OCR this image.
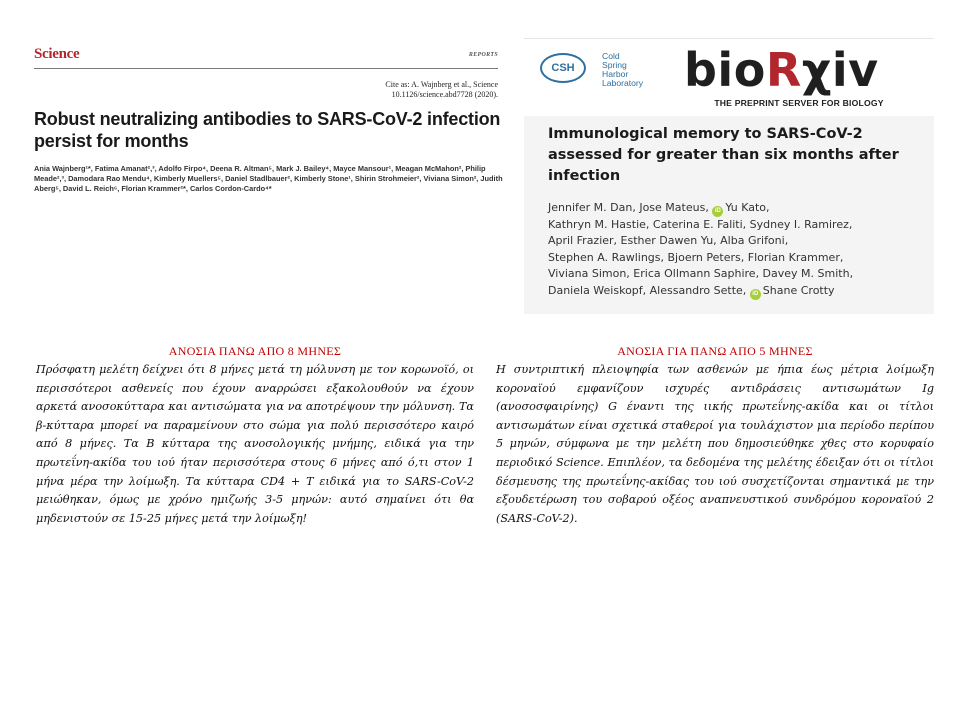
Science	REPORTS
Cite as: A. Wajnberg et al., Science
10.1126/science.abd7728 (2020).
Robust neutralizing antibodies to SARS-CoV-2 infection persist for months
Ania Wajnberg¹*, Fatima Amanat²,³, Adolfo Firpo⁴, Deena R. Altman⁵, Mark J. Bailey⁴, Mayce Mansour¹, Meagan McMahon², Philip Meade²,³, Damodara Rao Mendu⁴, Kimberly Muellers⁵, Daniel Stadlbauer², Kimberly Stone¹, Shirin Strohmeier², Viviana Simon², Judith Aberg⁵, David L. Reich⁶, Florian Krammer²*, Carlos Cordon-Cardo⁴*
CSH
Cold
Spring
Harbor
Laboratory bioRχiv
THE PREPRINT SERVER FOR BIOLOGY
Immunological memory to SARS-CoV-2 assessed for greater than six months after infection
Jennifer M. Dan, Jose Mateus, iD Yu Kato,
Kathryn M. Hastie, Caterina E. Faliti, Sydney I. Ramirez,
April Frazier, Esther Dawen Yu, Alba Grifoni,
Stephen A. Rawlings, Bjoern Peters, Florian Krammer,
Viviana Simon, Erica Ollmann Saphire, Davey M. Smith,
Daniela Weiskopf, Alessandro Sette, iD Shane Crotty
ΑΝΟΣΙΑ ΠΑΝΩ ΑΠΟ 8 ΜΗΝΕΣ

Πρόσφατη μελέτη δείχνει ότι 8 μήνες μετά τη μόλυνση με τον κορωνοϊό, οι περισσότεροι ασθενείς που έχουν αναρρώσει εξακολουθούν να έχουν αρκετά ανοσοκύτταρα και αντισώματα για να αποτρέψουν την μόλυνση. Τα β-κύτταρα μπορεί να παραμείνουν στο σώμα για πολύ περισσότερο καιρό από 8 μήνες. Τα Β κύτταρα της ανοσολογικής μνήμης, ειδικά για την πρωτεΐνη-ακίδα του ιού ήταν περισσότερα στους 6 μήνες από ό,τι στον 1 μήνα μέρα την λοίμωξη. Τα κύτταρα CD4 + T ειδικά για το SARS-CoV-2 μειώθηκαν, όμως με χρόνο ημιζωής 3-5 μηνών: αυτό σημαίνει ότι θα μηδενιστούν σε 15-25 μήνες μετά την λοίμωξη!

ΑΝΟΣΙΑ ΓΙΑ ΠΑΝΩ ΑΠΟ 5 ΜΗΝΕΣ

Η συντριπτική πλειοψηφία των ασθενών με ήπια έως μέτρια λοίμωξη κοροναϊού εμφανίζουν ισχυρές αντιδράσεις αντισωμάτων Ig (ανοσοσφαιρίνης) G έναντι της ιικής πρωτεΐνης-ακίδα και οι τίτλοι αντισωμάτων είναι σχετικά σταθεροί για τουλάχιστον μια περίοδο περίπου 5 μηνών, σύμφωνα με την μελέτη που δημοσιεύθηκε χθες στο κορυφαίο περιοδικό Science. Επιπλέον, τα δεδομένα της μελέτης έδειξαν ότι οι τίτλοι δέσμευσης της πρωτεΐνης-ακίδας του ιού συσχετίζονται σημαντικά με την εξουδετέρωση του σοβαρού οξέος αναπνευστικού συνδρόμου κοροναϊού 2 (SARS-CoV-2).
